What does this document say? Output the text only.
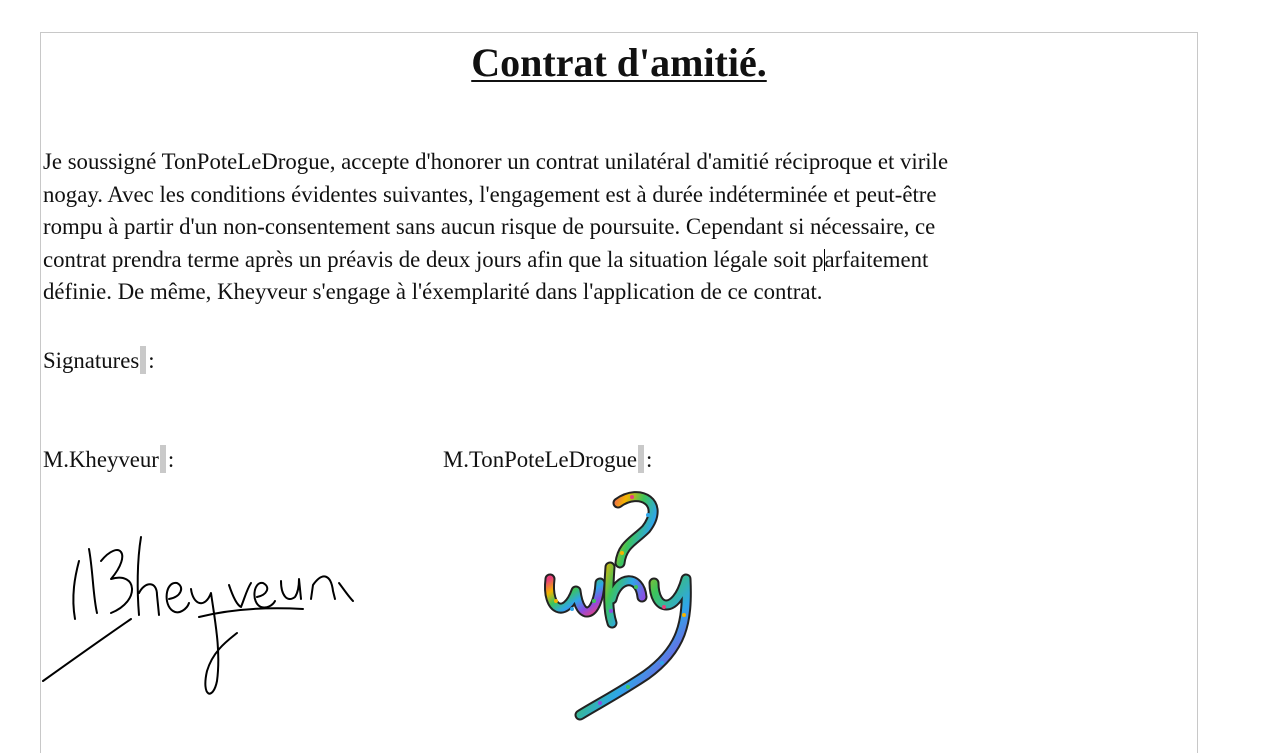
Contrat d'amitié.

Je soussigné TonPoteLeDrogue, accepte d'honorer un contrat unilatéral d'amitié réciproque et virile
nogay. Avec les conditions évidentes suivantes, l'engagement est à durée indéterminée et peut-être
rompu à partir d'un non-consentement sans aucun risque de poursuite. Cependant si nécessaire, ce
contrat prendra terme après un préavis de deux jours afin que la situation légale soit parfaitement
définie. De même, Kheyveur s'engage à l'éxemplarité dans l'application de ce contrat.

Signatures :
M.Kheyveur :	M.TonPoteLeDrogue :
